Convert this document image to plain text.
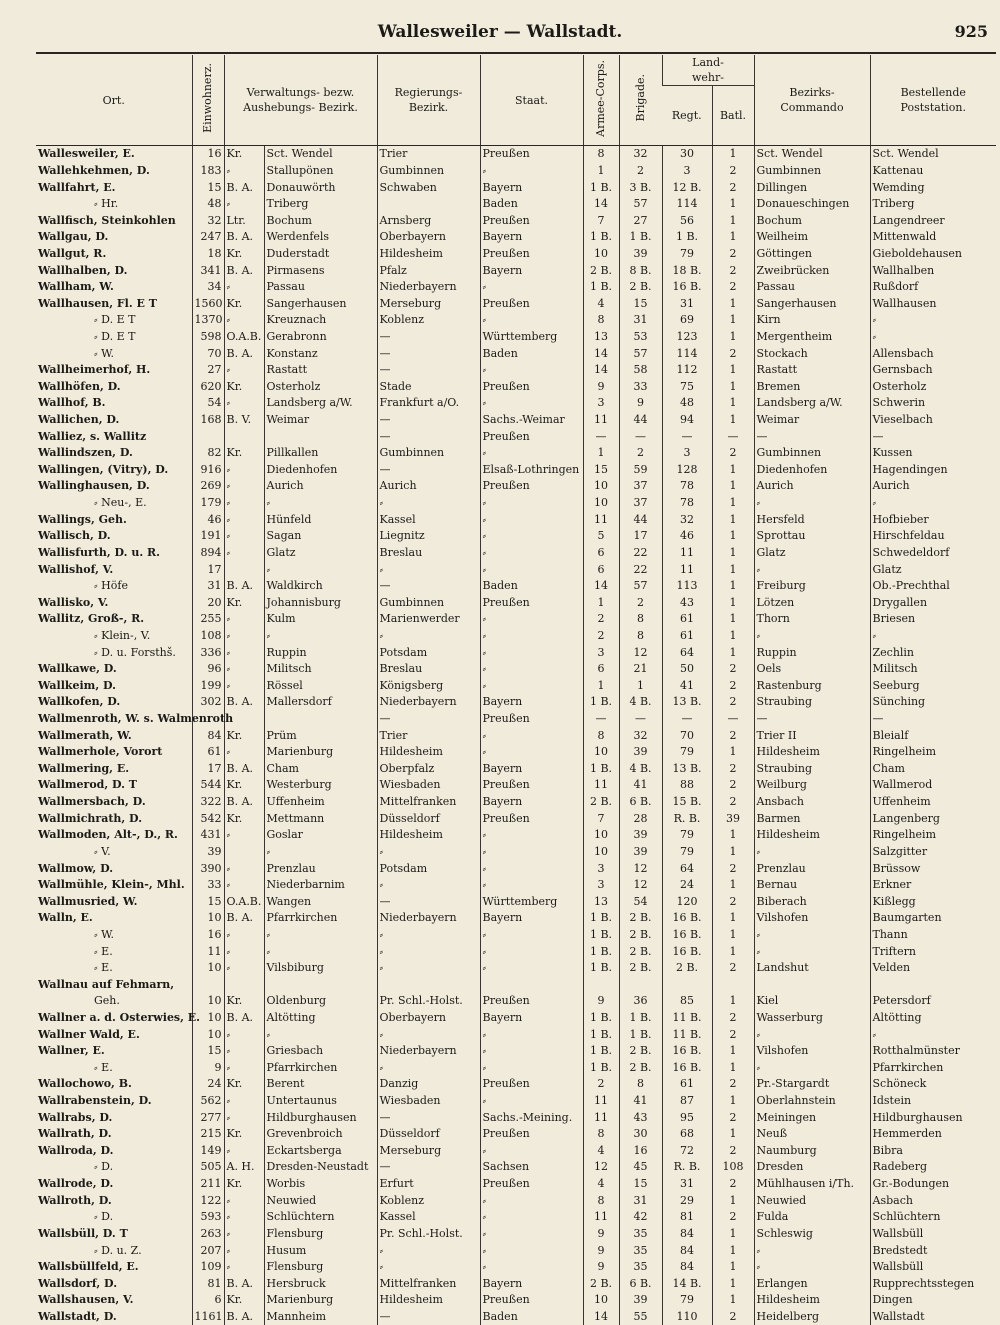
Wallesweiler — Wallstadt.	925
Ort.	Einwohnerz.	Verwaltungs- bezw. Aushebungs- Bezirk.		Regierungs- Bezirk.	Staat.	Armee-Corps.	Brigade.	Land- wehr-		Bezirks- Commando	Bestellende Poststation.
								Regt.	Batl.		
Wallesweiler, E.	16	Kr.	Sct. Wendel	Trier	Preußen	8	32	30	1	Sct. Wendel	Sct. Wendel
Wallehkehmen, D.	183	⸗	Stallupönen	Gumbinnen	⸗	1	2	3	2	Gumbinnen	Kattenau
Wallfahrt, E.	15	B. A.	Donauwörth	Schwaben	Bayern	1 B.	3 B.	12 B.	2	Dillingen	Wemding
⸗ Hr.	48	⸗	Triberg		Baden	14	57	114	1	Donaueschingen	Triberg
Wallfisch, Steinkohlen	32	Ltr.	Bochum	Arnsberg	Preußen	7	27	56	1	Bochum	Langendreer
Wallgau, D.	247	B. A.	Werdenfels	Oberbayern	Bayern	1 B.	1 B.	1 B.	1	Weilheim	Mittenwald
Wallgut, R.	18	Kr.	Duderstadt	Hildesheim	Preußen	10	39	79	2	Göttingen	Gieboldehausen
Wallhalben, D.	341	B. A.	Pirmasens	Pfalz	Bayern	2 B.	8 B.	18 B.	2	Zweibrücken	Wallhalben
Wallham, W.	34	⸗	Passau	Niederbayern	⸗	1 B.	2 B.	16 B.	2	Passau	Rußdorf
Wallhausen, Fl. E T	1560	Kr.	Sangerhausen	Merseburg	Preußen	4	15	31	1	Sangerhausen	Wallhausen
⸗ D. E T	1370	⸗	Kreuznach	Koblenz	⸗	8	31	69	1	Kirn	⸗
⸗ D. E T	598	O.A.B.	Gerabronn	—	Württemberg	13	53	123	1	Mergentheim	⸗
⸗ W.	70	B. A.	Konstanz	—	Baden	14	57	114	2	Stockach	Allensbach
Wallheimerhof, H.	27	⸗	Rastatt	—	⸗	14	58	112	1	Rastatt	Gernsbach
Wallhöfen, D.	620	Kr.	Osterholz	Stade	Preußen	9	33	75	1	Bremen	Osterholz
Wallhof, B.	54	⸗	Landsberg a/W.	Frankfurt a/O.	⸗	3	9	48	1	Landsberg a/W.	Schwerin
Wallichen, D.	168	B. V.	Weimar	—	Sachs.-Weimar	11	44	94	1	Weimar	Vieselbach
Walliez, s. Wallitz				—	Preußen	—	—	—	—	—	—
Wallindszen, D.	82	Kr.	Pillkallen	Gumbinnen	⸗	1	2	3	2	Gumbinnen	Kussen
Wallingen, (Vitry), D.	916	⸗	Diedenhofen	—	Elsaß-Lothringen	15	59	128	1	Diedenhofen	Hagendingen
Wallinghausen, D.	269	⸗	Aurich	Aurich	Preußen	10	37	78	1	Aurich	Aurich
⸗ Neu-, E.	179	⸗	⸗	⸗	⸗	10	37	78	1	⸗	⸗
Wallings, Geh.	46	⸗	Hünfeld	Kassel	⸗	11	44	32	1	Hersfeld	Hofbieber
Wallisch, D.	191	⸗	Sagan	Liegnitz	⸗	5	17	46	1	Sprottau	Hirschfeldau
Wallisfurth, D. u. R.	894	⸗	Glatz	Breslau	⸗	6	22	11	1	Glatz	Schwedeldorf
Wallishof, V.	17		⸗	⸗	⸗	6	22	11	1	⸗	Glatz
⸗ Höfe	31	B. A.	Waldkirch	—	Baden	14	57	113	1	Freiburg	Ob.-Prechthal
Wallisko, V.	20	Kr.	Johannisburg	Gumbinnen	Preußen	1	2	43	1	Lötzen	Drygallen
Wallitz, Groß-, R.	255	⸗	Kulm	Marienwerder	⸗	2	8	61	1	Thorn	Briesen
⸗ Klein-, V.	108	⸗	⸗	⸗	⸗	2	8	61	1	⸗	⸗
⸗ D. u. Forsthš.	336	⸗	Ruppin	Potsdam	⸗	3	12	64	1	Ruppin	Zechlin
Wallkawe, D.	96	⸗	Militsch	Breslau	⸗	6	21	50	2	Oels	Militsch
Wallkeim, D.	199	⸗	Rössel	Königsberg	⸗	1	1	41	2	Rastenburg	Seeburg
Wallkofen, D.	302	B. A.	Mallersdorf	Niederbayern	Bayern	1 B.	4 B.	13 B.	2	Straubing	Sünching
Wallmenroth, W. s. Walmenroth				—	Preußen	—	—	—	—	—	—
Wallmerath, W.	84	Kr.	Prüm	Trier	⸗	8	32	70	2	Trier II	Bleialf
Wallmerhole, Vorort	61	⸗	Marienburg	Hildesheim	⸗	10	39	79	1	Hildesheim	Ringelheim
Wallmering, E.	17	B. A.	Cham	Oberpfalz	Bayern	1 B.	4 B.	13 B.	2	Straubing	Cham
Wallmerod, D. T	544	Kr.	Westerburg	Wiesbaden	Preußen	11	41	88	2	Weilburg	Wallmerod
Wallmersbach, D.	322	B. A.	Uffenheim	Mittelfranken	Bayern	2 B.	6 B.	15 B.	2	Ansbach	Uffenheim
Wallmichrath, D.	542	Kr.	Mettmann	Düsseldorf	Preußen	7	28	R. B.	39	Barmen	Langenberg
Wallmoden, Alt-, D., R.	431	⸗	Goslar	Hildesheim	⸗	10	39	79	1	Hildesheim	Ringelheim
⸗ V.	39		⸗	⸗	⸗	10	39	79	1	⸗	Salzgitter
Wallmow, D.	390	⸗	Prenzlau	Potsdam	⸗	3	12	64	2	Prenzlau	Brüssow
Wallmühle, Klein-, Mhl.	33	⸗	Niederbarnim	⸗	⸗	3	12	24	1	Bernau	Erkner
Wallmusried, W.	15	O.A.B.	Wangen	—	Württemberg	13	54	120	2	Biberach	Kißlegg
Walln, E.	10	B. A.	Pfarrkirchen	Niederbayern	Bayern	1 B.	2 B.	16 B.	1	Vilshofen	Baumgarten
⸗ W.	16	⸗	⸗	⸗	⸗	1 B.	2 B.	16 B.	1	⸗	Thann
⸗ E.	11	⸗	⸗	⸗	⸗	1 B.	2 B.	16 B.	1	⸗	Triftern
⸗ E.	10	⸗	Vilsbiburg	⸗	⸗	1 B.	2 B.	2 B.	2	Landshut	Velden
Wallnau auf Fehmarn,											
Geh.	10	Kr.	Oldenburg	Pr. Schl.-Holst.	Preußen	9	36	85	1	Kiel	Petersdorf
Wallner a. d. Osterwies, E.	10	B. A.	Altötting	Oberbayern	Bayern	1 B.	1 B.	11 B.	2	Wasserburg	Altötting
Wallner Wald, E.	10	⸗	⸗	⸗	⸗	1 B.	1 B.	11 B.	2	⸗	⸗
Wallner, E.	15	⸗	Griesbach	Niederbayern	⸗	1 B.	2 B.	16 B.	1	Vilshofen	Rotthalmünster
⸗ E.	9	⸗	Pfarrkirchen	⸗	⸗	1 B.	2 B.	16 B.	1	⸗	Pfarrkirchen
Wallochowo, B.	24	Kr.	Berent	Danzig	Preußen	2	8	61	2	Pr.-Stargardt	Schöneck
Wallrabenstein, D.	562	⸗	Untertaunus	Wiesbaden	⸗	11	41	87	1	Oberlahnstein	Idstein
Wallrabs, D.	277	⸗	Hildburghausen	—	Sachs.-Meining.	11	43	95	2	Meiningen	Hildburghausen
Wallrath, D.	215	Kr.	Grevenbroich	Düsseldorf	Preußen	8	30	68	1	Neuß	Hemmerden
Wallroda, D.	149	⸗	Eckartsberga	Merseburg	⸗	4	16	72	2	Naumburg	Bibra
⸗ D.	505	A. H.	Dresden-Neustadt	—	Sachsen	12	45	R. B.	108	Dresden	Radeberg
Wallrode, D.	211	Kr.	Worbis	Erfurt	Preußen	4	15	31	2	Mühlhausen i/Th.	Gr.-Bodungen
Wallroth, D.	122	⸗	Neuwied	Koblenz	⸗	8	31	29	1	Neuwied	Asbach
⸗ D.	593	⸗	Schlüchtern	Kassel	⸗	11	42	81	2	Fulda	Schlüchtern
Wallsbüll, D. T	263	⸗	Flensburg	Pr. Schl.-Holst.	⸗	9	35	84	1	Schleswig	Wallsbüll
⸗ D. u. Z.	207	⸗	Husum	⸗	⸗	9	35	84	1	⸗	Bredstedt
Wallsbüllfeld, E.	109	⸗	Flensburg	⸗	⸗	9	35	84	1	⸗	Wallsbüll
Wallsdorf, D.	81	B. A.	Hersbruck	Mittelfranken	Bayern	2 B.	6 B.	14 B.	1	Erlangen	Rupprechtsstegen
Wallshausen, V.	6	Kr.	Marienburg	Hildesheim	Preußen	10	39	79	1	Hildesheim	Dingen
Wallstadt, D.	1161	B. A.	Mannheim	—	Baden	14	55	110	2	Heidelberg	Wallstadt
